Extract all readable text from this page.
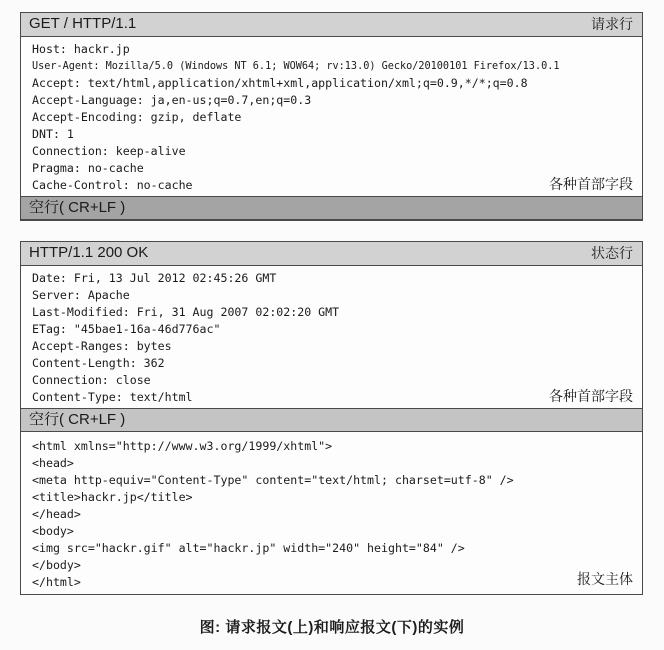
GET / HTTP/1.1	请求行
Host: hackr.jp
User-Agent: Mozilla/5.0 (Windows NT 6.1; WOW64; rv:13.0) Gecko/20100101 Firefox/13.0.1
Accept: text/html,application/xhtml+xml,application/xml;q=0.9,*/*;q=0.8
Accept-Language: ja,en-us;q=0.7,en;q=0.3
Accept-Encoding: gzip, deflate
DNT: 1
Connection: keep-alive
Pragma: no-cache
Cache-Control: no-cache	各种首部字段
空行( CR+LF )
HTTP/1.1 200 OK	状态行
Date: Fri, 13 Jul 2012 02:45:26 GMT
Server: Apache
Last-Modified: Fri, 31 Aug 2007 02:02:20 GMT
ETag: "45bae1-16a-46d776ac"
Accept-Ranges: bytes
Content-Length: 362
Connection: close
Content-Type: text/html	各种首部字段
空行( CR+LF )
<html xmlns="http://www.w3.org/1999/xhtml">
<head>
<meta http-equiv="Content-Type" content="text/html; charset=utf-8" />
<title>hackr.jp</title>
</head>
<body>
<img src="hackr.gif" alt="hackr.jp" width="240" height="84" />
</body>
</html>	报文主体
图: 请求报文(上)和响应报文(下)的实例
